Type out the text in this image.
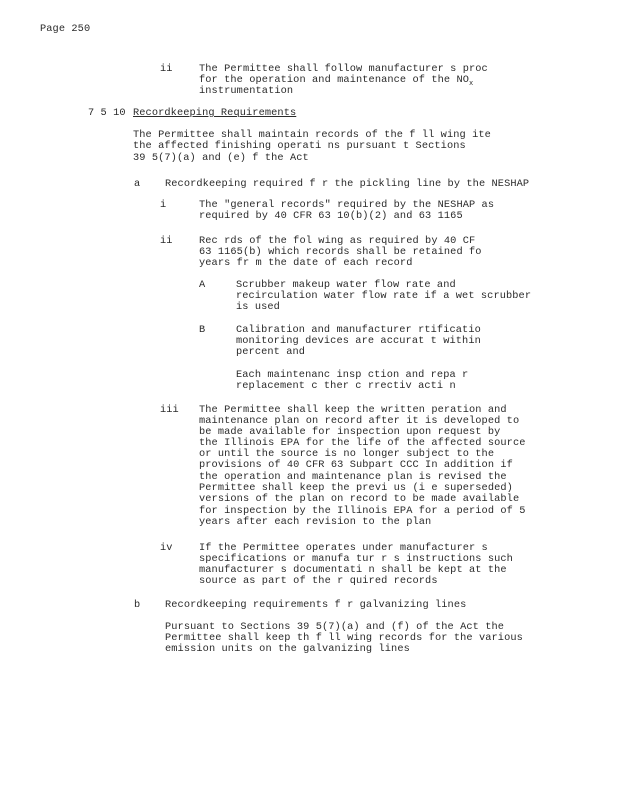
Page 250
ii	The Permittee shall follow manufacturer s proc
for the operation and maintenance of the $NO_x$
instrumentation
7 5 10 Recordkeeping Requirements
The Permittee shall maintain records of the f ll wing ite
the affected finishing operati ns pursuant t Sections
39 5(7)(a) and (e) f the Act
a Recordkeeping required f r the pickling line by the NESHAP
i	The "general records" required by the NESHAP as
required by 40 CFR 63 10(b)(2) and 63 1165
ii	Rec rds of the fol wing as required by 40 CF
63 1165(b) which records shall be retained fo
years fr m the date of each record
A	Scrubber makeup water flow rate and
recirculation water flow rate if a wet scrubber
is used
B	Calibration and manufacturer rtificatio
monitoring devices are accurat t within
percent and
Each maintenanc insp ction and repa r
replacement c ther c rrectiv acti n
iii The Permittee shall keep the written peration and
maintenance plan on record after it is developed to
be made available for inspection upon request by
the Illinois EPA for the life of the affected source
or until the source is no longer subject to the
provisions of 40 CFR 63 Subpart CCC In addition if
the operation and maintenance plan is revised the
Permittee shall keep the previ us (i e superseded)
versions of the plan on record to be made available
for inspection by the Illinois EPA for a period of 5
years after each revision to the plan
iv	If the Permittee operates under manufacturer s
specifications or manufa tur r s instructions such
manufacturer s documentati n shall be kept at the
source as part of the r quired records
b Recordkeeping requirements f r galvanizing lines
Pursuant to Sections 39 5(7)(a) and (f) of the Act the
Permittee shall keep th f ll wing records for the various
emission units on the galvanizing lines
